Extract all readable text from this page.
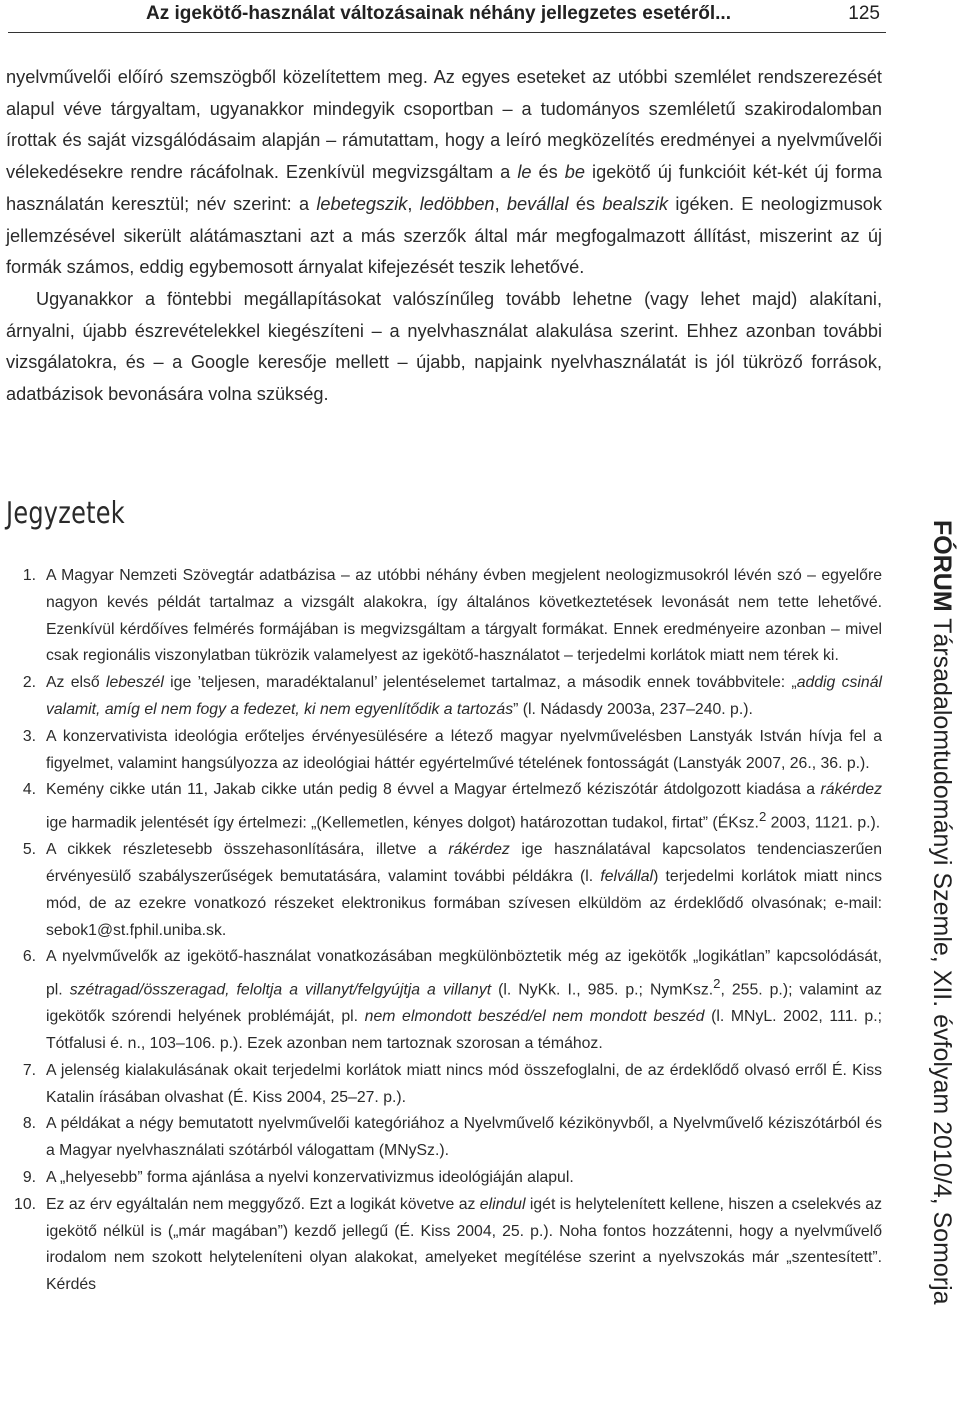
Az igekötő-használat változásainak néhány jellegzetes esetéről...	125

nyelvművelői előíró szemszögből közelítettem meg. Az egyes eseteket az utóbbi szemlélet rendszerezését alapul véve tárgyaltam, ugyanakkor mindegyik csoportban – a tudományos szemléletű szakirodalomban írottak és saját vizsgálódásaim alapján – rámutattam, hogy a leíró megközelítés eredményei a nyelvművelői vélekedésekre rendre rácáfolnak. Ezenkívül megvizsgáltam a le és be igekötő új funkcióit két-két új forma használatán keresztül; név szerint: a lebetegszik, ledöbben, bevállal és bealszik igéken. E neologizmusok jellemzésével sikerült alátámasztani azt a más szerzők által már megfogalmazott állítást, miszerint az új formák számos, eddig egybemosott árnyalat kifejezését teszik lehetővé.

Ugyanakkor a föntebbi megállapításokat valószínűleg tovább lehetne (vagy lehet majd) alakítani, árnyalni, újabb észrevételekkel kiegészíteni – a nyelvhasználat alakulása szerint. Ehhez azonban további vizsgálatokra, és – a Google keresője mellett – újabb, napjaink nyelvhasználatát is jól tükröző források, adatbázisok bevonására volna szükség.

Jegyzetek
1. A Magyar Nemzeti Szövegtár adatbázisa – az utóbbi néhány évben megjelent neologizmusokról lévén szó – egyelőre nagyon kevés példát tartalmaz a vizsgált alakokra, így általános következtetések levonását nem tette lehetővé. Ezenkívül kérdőíves felmérés formájában is megvizsgáltam a tárgyalt formákat. Ennek eredményeire azonban – mivel csak regionális viszonylatban tükrözik valamelyest az igekötő-használatot – terjedelmi korlátok miatt nem térek ki.
2. Az első lebeszél ige ’teljesen, maradéktalanul’ jelentéselemet tartalmaz, a második ennek továbbvitele: „addig csinál valamit, amíg el nem fogy a fedezet, ki nem egyenlítődik a tartozás” (l. Nádasdy 2003a, 237–240. p.).
3. A konzervativista ideológia erőteljes érvényesülésére a létező magyar nyelvművelésben Lanstyák István hívja fel a figyelmet, valamint hangsúlyozza az ideológiai háttér egyértelművé tételének fontosságát (Lanstyák 2007, 26., 36. p.).
4. Kemény cikke után 11, Jakab cikke után pedig 8 évvel a Magyar értelmező kéziszótár átdolgozott kiadása a rákérdez ige harmadik jelentését így értelmezi: „(Kellemetlen, kényes dolgot) határozottan tudakol, firtat” (ÉKsz.$^2$ 2003, 1121. p.).
5. A cikkek részletesebb összehasonlítására, illetve a rákérdez ige használatával kapcsolatos tendenciaszerűen érvényesülő szabályszerűségek bemutatására, valamint további példákra (l. felvállal) terjedelmi korlátok miatt nincs mód, de az ezekre vonatkozó részeket elektronikus formában szívesen elküldöm az érdeklődő olvasónak; e-mail: sebok1@st.fphil.uniba.sk.
6. A nyelvművelők az igekötő-használat vonatkozásában megkülönböztetik még az igekötők „logikátlan” kapcsolódását, pl. szétragad/összeragad, feloltja a villanyt/felgyújtja a villanyt (l. NyKk. I., 985. p.; NymKsz.$^2$, 255. p.); valamint az igekötők szórendi helyének problémáját, pl. nem elmondott beszéd/el nem mondott beszéd (l. MNyL. 2002, 111. p.; Tótfalusi é. n., 103–106. p.). Ezek azonban nem tartoznak szorosan a témához.
7. A jelenség kialakulásának okait terjedelmi korlátok miatt nincs mód összefoglalni, de az érdeklődő olvasó erről É. Kiss Katalin írásában olvashat (É. Kiss 2004, 25–27. p.).
8. A példákat a négy bemutatott nyelvművelői kategóriához a Nyelvművelő kézikönyvből, a Nyelvművelő kéziszótárból és a Magyar nyelvhasználati szótárból válogattam (MNySz.).
9. A „helyesebb” forma ajánlása a nyelvi konzervativizmus ideológiáján alapul.
10. Ez az érv egyáltalán nem meggyőző. Ezt a logikát követve az elindul igét is helytelenített kellene, hiszen a cselekvés az igekötő nélkül is („már magában”) kezdő jellegű (É. Kiss 2004, 25. p.). Noha fontos hozzátenni, hogy a nyelvművelő irodalom nem szokott helyteleníteni olyan alakokat, amelyeket megítélése szerint a nyelvszokás már „szentesített”. Kérdés
FÓRUM Társadalomtudományi Szemle, XII. évfolyam 2010/4, Somorja
